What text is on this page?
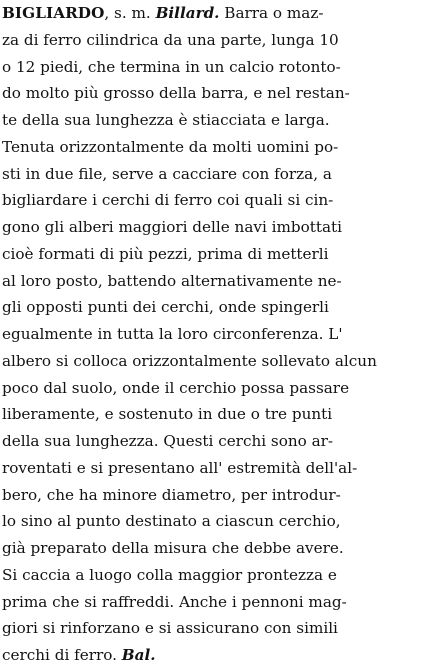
BIGLIARDO, s. m. Billard. Barra o maz-
za di ferro cilindrica da una parte, lunga 10
o 12 piedi, che termina in un calcio rotonto-
do molto più grosso della barra, e nel restan-
te della sua lunghezza è stiacciata e larga.
Tenuta orizzontalmente da molti uomini po-
sti in due file, serve a cacciare con forza, a
bigliardare i cerchi di ferro coi quali si cin-
gono gli alberi maggiori delle navi imbottati
cioè formati di più pezzi, prima di metterli
al loro posto, battendo alternativamente ne-
gli opposti punti dei cerchi, onde spingerli
egualmente in tutta la loro circonferenza. L'
albero si colloca orizzontalmente sollevato alcun
poco dal suolo, onde il cerchio possa passare
liberamente, e sostenuto in due o tre punti
della sua lunghezza. Questi cerchi sono ar-
roventati e si presentano all' estremità dell'al-
bero, che ha minore diametro, per introdur-
lo sino al punto destinato a ciascun cerchio,
già preparato della misura che debbe avere.
Si caccia a luogo colla maggior prontezza e
prima che si raffreddi. Anche i pennoni mag-
giori si rinforzano e si assicurano con simili
cerchi di ferro. Bal.
